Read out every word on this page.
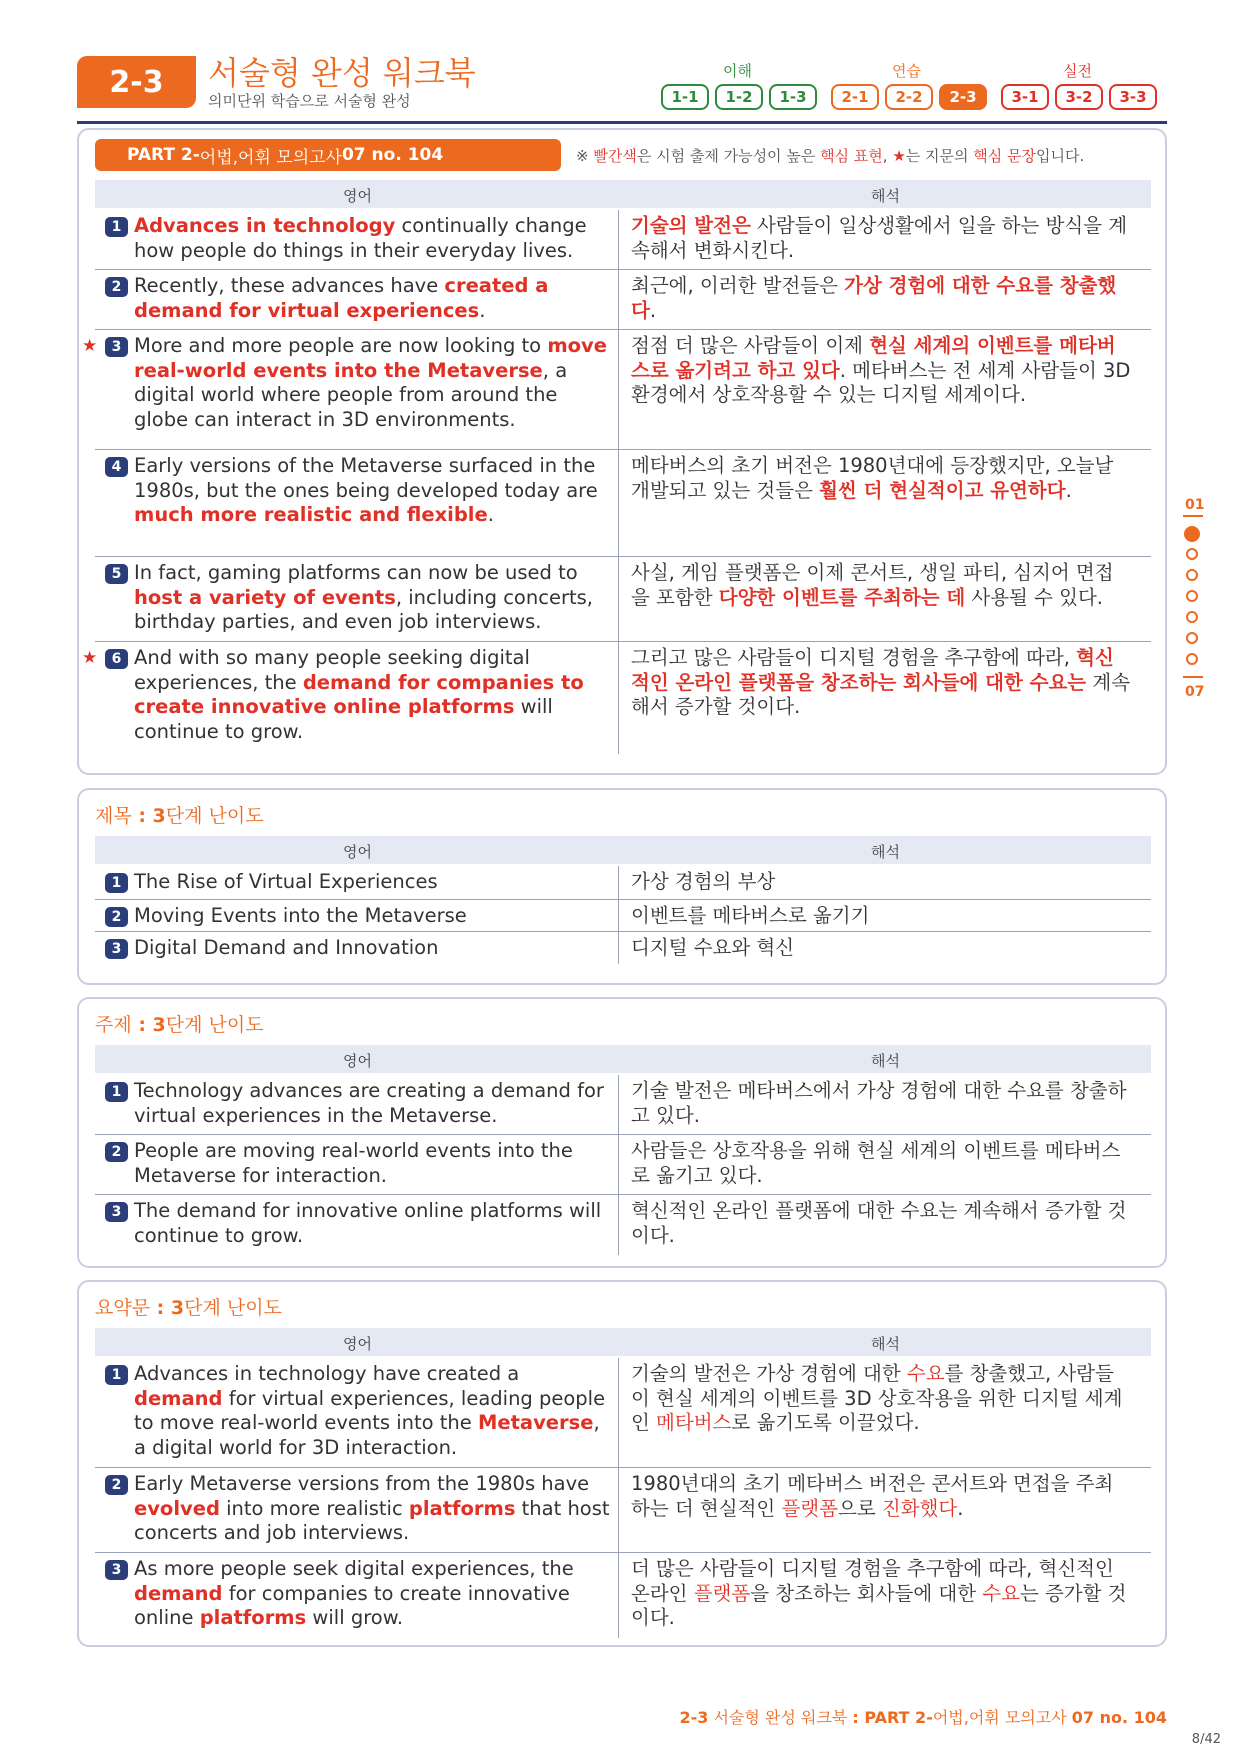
2-3	서술형 완성 워크북
의미단위 학습으로 서술형 완성
이해	연습	실전
1-1	1-2	1-3	2-1	2-2	2-3	3-1	3-2	3-3
PART 2- 어법,어휘 모의고사 07 no. 104	※ 빨간색은 시험 출제 가능성이 높은 핵심 표현, ★는 지문의 핵심 문장입니다.
영어	해석
1 Advances in technology continually change how people do things in their everyday lives.
기술의 발전은 사람들이 일상생활에서 일을 하는 방식을 계속해서 변화시킨다.
2 Recently, these advances have created a demand for virtual experiences.
최근에, 이러한 발전들은 가상 경험에 대한 수요를 창출했다.
★	3 More and more people are now looking to move real-world events into the Metaverse, a digital world where people from around the globe can interact in 3D environments.
점점 더 많은 사람들이 이제 현실 세계의 이벤트를 메타버스로 옮기려고 하고 있다. 메타버스는 전 세계 사람들이 3D 환경에서 상호작용할 수 있는 디지털 세계이다.
4 Early versions of the Metaverse surfaced in the 1980s, but the ones being developed today are much more realistic and flexible.
메타버스의 초기 버전은 1980년대에 등장했지만, 오늘날 개발되고 있는 것들은 훨씬 더 현실적이고 유연하다.
5 In fact, gaming platforms can now be used to host a variety of events, including concerts, birthday parties, and even job interviews.
사실, 게임 플랫폼은 이제 콘서트, 생일 파티, 심지어 면접을 포함한 다양한 이벤트를 주최하는 데 사용될 수 있다.
★	6 And with so many people seeking digital experiences, the demand for companies to create innovative online platforms will continue to grow.
그리고 많은 사람들이 디지털 경험을 추구함에 따라, 혁신적인 온라인 플랫폼을 창조하는 회사들에 대한 수요는 계속해서 증가할 것이다.
제목 : 3단계 난이도
영어	해석
1 The Rise of Virtual Experiences	가상 경험의 부상
2 Moving Events into the Metaverse	이벤트를 메타버스로 옮기기
3 Digital Demand and Innovation	디지털 수요와 혁신
주제 : 3단계 난이도
영어	해석
1 Technology advances are creating a demand for virtual experiences in the Metaverse.
기술 발전은 메타버스에서 가상 경험에 대한 수요를 창출하고 있다.
2 People are moving real-world events into the Metaverse for interaction.
사람들은 상호작용을 위해 현실 세계의 이벤트를 메타버스로 옮기고 있다.
3 The demand for innovative online platforms will continue to grow.
혁신적인 온라인 플랫폼에 대한 수요는 계속해서 증가할 것이다.
요약문 : 3단계 난이도
영어	해석
1 Advances in technology have created a demand for virtual experiences, leading people to move real-world events into the Metaverse, a digital world for 3D interaction.
기술의 발전은 가상 경험에 대한 수요를 창출했고, 사람들이 현실 세계의 이벤트를 3D 상호작용을 위한 디지털 세계인 메타버스로 옮기도록 이끌었다.
2 Early Metaverse versions from the 1980s have evolved into more realistic platforms that host concerts and job interviews.
1980년대의 초기 메타버스 버전은 콘서트와 면접을 주최하는 더 현실적인 플랫폼으로 진화했다.
3 As more people seek digital experiences, the demand for companies to create innovative online platforms will grow.
더 많은 사람들이 디지털 경험을 추구함에 따라, 혁신적인 온라인 플랫폼을 창조하는 회사들에 대한 수요는 증가할 것이다.
01
07
2-3 서술형 완성 워크북 : PART 2-어법,어휘 모의고사 07 no. 104
8/42
